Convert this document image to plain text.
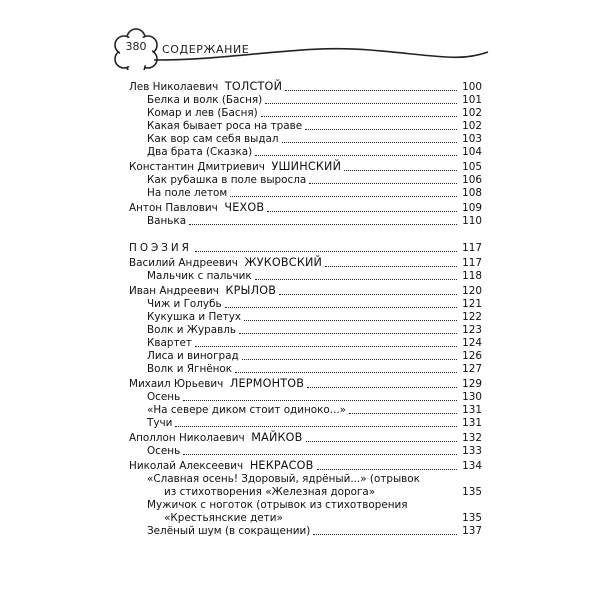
380	СОДЕРЖАНИЕ
Лев Николаевич ТОЛСТОЙ	100
Белка и волк (Басня)	101
Комар и лев (Басня)	102
Какая бывает роса на траве	102
Как вор сам себя выдал	103
Два брата (Сказка)	104
Константин Дмитриевич УШИНСКИЙ	105
Как рубашка в поле выросла	106
На поле летом	108
Антон Павлович ЧЕХОВ	109
Ванька	110
ПОЭЗИЯ	117
Василий Андреевич ЖУКОВСКИЙ	117
Мальчик с пальчик	118
Иван Андреевич КРЫЛОВ	120
Чиж и Голубь	121
Кукушка и Петух	122
Волк и Журавль	123
Квартет	124
Лиса и виноград	126
Волк и Ягнёнок	127
Михаил Юрьевич ЛЕРМОНТОВ	129
Осень	130
«На севере диком стоит одиноко...»	131
Тучи	131
Аполлон Николаевич МАЙКОВ	132
Осень	133
Николай Алексеевич НЕКРАСОВ	134
«Славная осень! Здоровый, ядрёный...» (отрывок
из стихотворения «Железная дорога»	135
Мужичок с ноготок (отрывок из стихотворения
«Крестьянские дети»	135
Зелёный шум (в сокращении)	137
